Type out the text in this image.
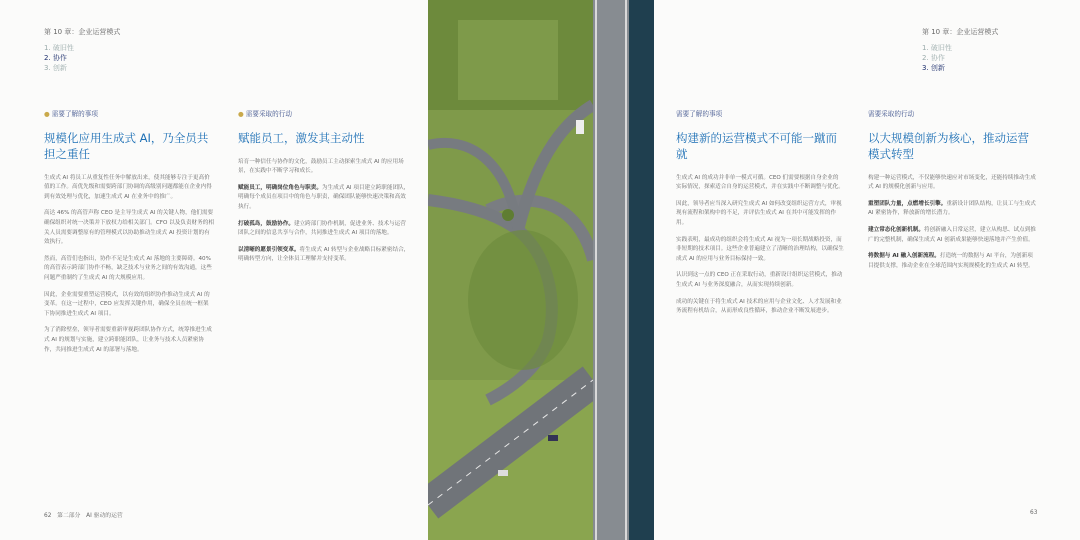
第 10 章：企业运营模式
1. 破旧性
2. 协作
3. 创新
● 需要了解的事项
规模化应用生成式 AI，乃全员共担之重任

生成式 AI 将员工从重复性任务中解放出来，使其能够专注于更高价值的工作。高优先级和需要跨部门协调的高级别问题都能在企业内得到有效处理与优化，加速生成式 AI 在业务中的推广。

高达 46% 的高管声称 CEO 是主导生成式 AI 的关键人物，他们需要确保组织对统一决策并下放权力给相关部门。CFO 以及负责财务的相关人员需要调整原有的管理模式以协助推动生成式 AI 投资计划的有效执行。

然而，高管们也指出，协作不足是生成式 AI 落地的主要障碍。40% 的高管表示跨部门协作不畅，缺乏技术与业务之间的有效沟通，这些问题严重制约了生成式 AI 的大规模应用。

因此，企业需要重塑运营模式，以有效的组织协作推动生成式 AI 的变革。在这一过程中，CEO 应发挥关键作用，确保全员在统一框架下协同推进生成式 AI 项目。

为了消除壁垒，领导者需要重新审视跨团队协作方式，统筹推进生成式 AI 的规划与实施，建立跨职能团队，让业务与技术人员紧密协作，共同推进生成式 AI 的部署与落地。

● 需要采取的行动
赋能员工，激发其主动性

培育一种信任与协作的文化，鼓励员工主动探索生成式 AI 的应用场景，在实践中不断学习和成长。

赋能员工，明确岗位角色与职责。为生成式 AI 项目建立跨职能团队，明确每个成员在项目中的角色与职责，确保团队能够快速决策和高效执行。

打破孤岛，鼓励协作。建立跨部门协作机制，促进业务、技术与运营团队之间的信息共享与合作，共同推进生成式 AI 项目的落地。

以清晰的愿景引领变革。将生成式 AI 转型与企业战略目标紧密结合，明确转型方向，让全体员工理解并支持变革。

62　第二部分　AI 驱动的运营
第 10 章：企业运营模式
1. 破旧性
2. 协作
3. 创新
需要了解的事项
构建新的运营模式不可能一蹴而就

生成式 AI 的成功并非单一模式可循。CEO 们需要根据自身企业的实际情况，探索适合自身的运营模式，并在实践中不断调整与优化。

因此，领导者应当深入研究生成式 AI 如何改变组织运营方式，审视现有流程和架构中的不足，并评估生成式 AI 在其中可能发挥的作用。

实践表明，最成功的组织会将生成式 AI 视为一项长期战略投资，而非短期的技术项目。这些企业普遍建立了清晰的治理结构，以确保生成式 AI 的应用与业务目标保持一致。

认识到这一点的 CEO 正在采取行动，重新设计组织运营模式，推动生成式 AI 与业务深度融合，从而实现持续创新。

成功的关键在于将生成式 AI 技术的应用与企业文化、人才发展和业务流程有机结合，从而形成良性循环，推动企业不断发展进步。

需要采取的行动
以大规模创新为核心，推动运营模式转型

构建一种运营模式，不仅能够快速应对市场变化，还能持续推动生成式 AI 的规模化创新与应用。

重塑团队力量，点燃增长引擎。重新设计团队结构，让员工与生成式 AI 紧密协作，释放新的增长潜力。

建立常态化创新机制。将创新融入日常运营，建立从构思、试点到推广的完整机制，确保生成式 AI 创新成果能够快速落地并产生价值。

将数据与 AI 融入创新流程。打造统一的数据与 AI 平台，为创新项目提供支撑，推动企业在全球范围内实现规模化的生成式 AI 转型。

63
